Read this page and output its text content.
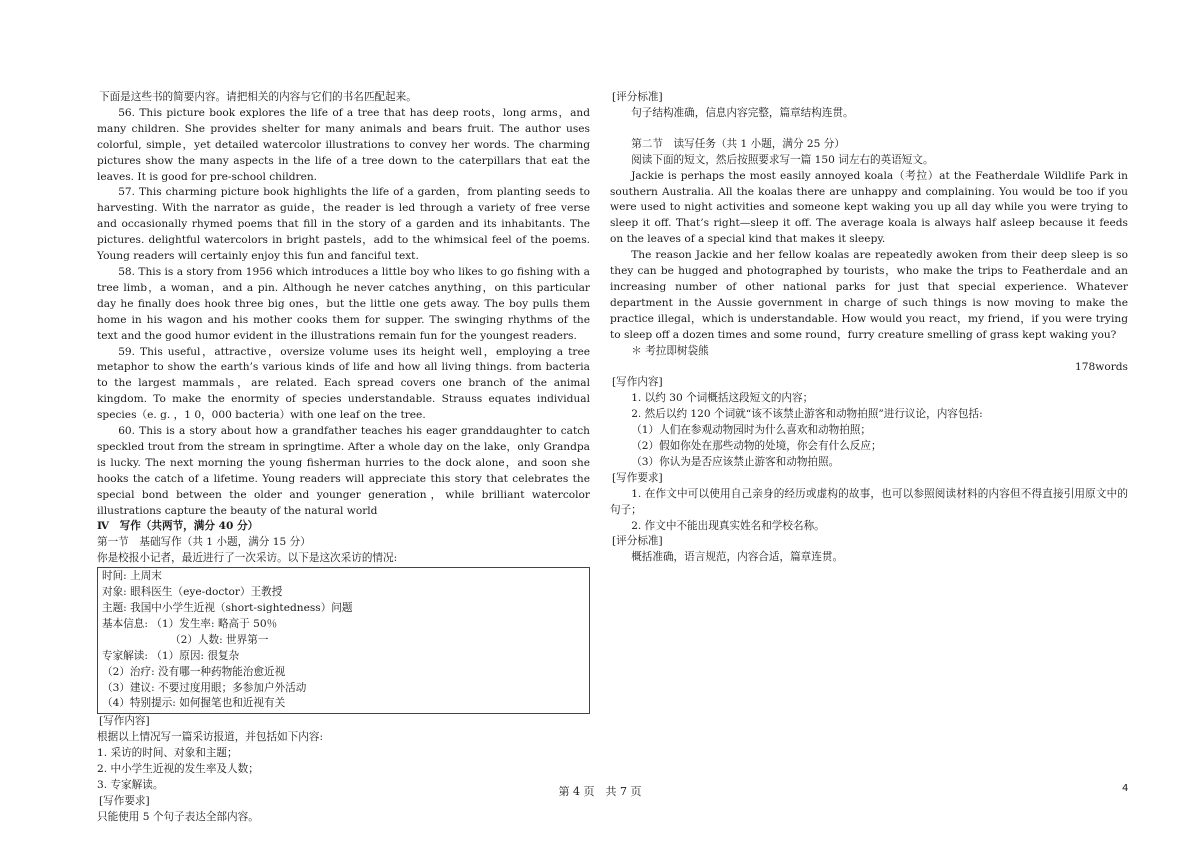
下面是这些书的简要内容。请把相关的内容与它们的书名匹配起来。

56. This picture book explores the life of a tree that has deep roots，long arms，and many children. She provides shelter for many animals and bears fruit. The author uses colorful, simple，yet detailed watercolor illustrations to convey her words. The charming pictures show the many aspects in the life of a tree down to the caterpillars that eat the leaves. It is good for pre-school children.

57. This charming picture book highlights the life of a garden，from planting seeds to harvesting. With the narrator as guide，the reader is led through a variety of free verse and occasionally rhymed poems that fill in the story of a garden and its inhabitants. The pictures. delightful watercolors in bright pastels，add to the whimsical feel of the poems. Young readers will certainly enjoy this fun and fanciful text.

58. This is a story from 1956 which introduces a little boy who likes to go fishing with a tree limb，a woman，and a pin. Although he never catches anything，on this particular day he finally does hook three big ones，but the little one gets away. The boy pulls them home in his wagon and his mother cooks them for supper. The swinging rhythms of the text and the good humor evident in the illustrations remain fun for the youngest readers.

59. This useful，attractive，oversize volume uses its height well，employing a tree metaphor to show the earth’s various kinds of life and how all living things. from bacteria to the largest mammals，are related. Each spread covers one branch of the animal kingdom. To make the enormity of species understandable. Strauss equates individual species（e. g. ，1 0，000 bacteria）with one leaf on the tree.

60. This is a story about how a grandfather teaches his eager granddaughter to catch speckled trout from the stream in springtime. After a whole day on the lake，only Grandpa is lucky. The next morning the young fisherman hurries to the dock alone，and soon she hooks the catch of a lifetime. Young readers will appreciate this story that celebrates the special bond between the older and younger generation，while brilliant watercolor illustrations capture the beauty of the natural world

Ⅳ　写作（共两节，满分 40 分）

第一节　基础写作（共 1 小题，满分 15 分）

你是校报小记者，最近进行了一次采访。以下是这次采访的情况:

时间: 上周末

对象: 眼科医生（eye-doctor）王教授

主题: 我国中小学生近视（short-sightedness）问题

基本信息: （1）发生率: 略高于 50％

（2）人数: 世界第一

专家解读: （1）原因: 很复杂

（2）治疗: 没有哪一种药物能治愈近视

（3）建议: 不要过度用眼；多参加户外活动

（4）特别提示: 如何握笔也和近视有关

[写作内容]

根据以上情况写一篇采访报道，并包括如下内容:

1. 采访的时间、对象和主题；

2. 中小学生近视的发生率及人数；

3. 专家解读。

[写作要求]

只能使用 5 个句子表达全部内容。

[评分标准]

句子结构准确，信息内容完整，篇章结构连贯。

第二节　读写任务（共 1 小题，满分 25 分）

阅读下面的短文，然后按照要求写一篇 150 词左右的英语短文。

Jackie is perhaps the most easily annoyed koala（考拉）at the Featherdale Wildlife Park in southern Australia. All the koalas there are unhappy and complaining. You would be too if you were used to night activities and someone kept waking you up all day while you were trying to sleep it off. That’s right—sleep it off. The average koala is always half asleep because it feeds on the leaves of a special kind that makes it sleepy.

The reason Jackie and her fellow koalas are repeatedly awoken from their deep sleep is so they can be hugged and photographed by tourists，who make the trips to Featherdale and an increasing number of other national parks for just that special experience. Whatever department in the Aussie government in charge of such things is now moving to make the practice illegal，which is understandable. How would you react，my friend，if you were trying to sleep off a dozen times and some round，furry creature smelling of grass kept waking you?

＊ 考拉即树袋熊

178words

[写作内容]

1. 以约 30 个词概括这段短文的内容；

2. 然后以约 120 个词就“该不该禁止游客和动物拍照”进行议论，内容包括:

（1）人们在参观动物园时为什么喜欢和动物拍照；

（2）假如你处在那些动物的处境，你会有什么反应；

（3）你认为是否应该禁止游客和动物拍照。

[写作要求]

1. 在作文中可以使用自己亲身的经历或虚构的故事，也可以参照阅读材料的内容但不得直接引用原文中的句子；

2. 作文中不能出现真实姓名和学校名称。

[评分标准]

概括准确，语言规范，内容合适，篇章连贯。

第 4 页　共 7 页	4
